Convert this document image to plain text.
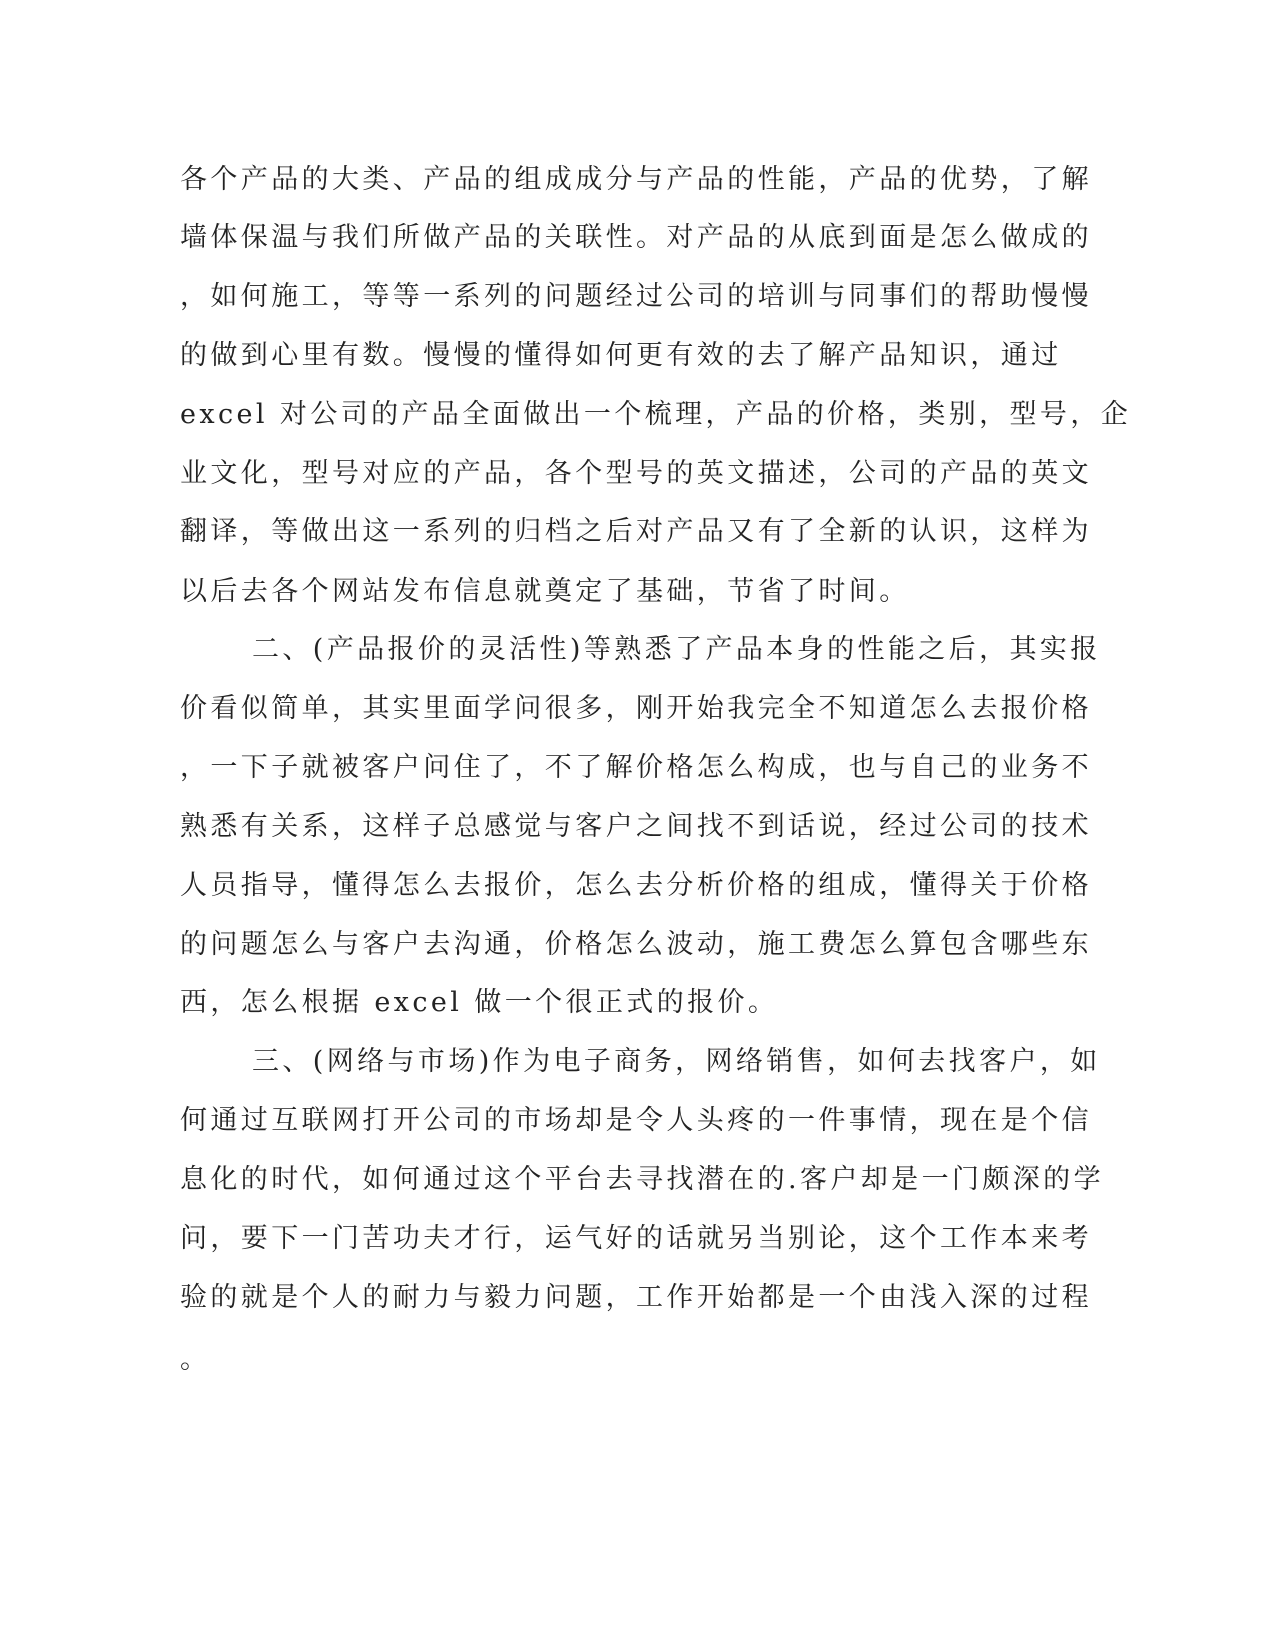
各个产品的大类、产品的组成成分与产品的性能，产品的优势，了解
墙体保温与我们所做产品的关联性。对产品的从底到面是怎么做成的
，如何施工，等等一系列的问题经过公司的培训与同事们的帮助慢慢
的做到心里有数。慢慢的懂得如何更有效的去了解产品知识，通过
excel 对公司的产品全面做出一个梳理，产品的价格，类别，型号，企
业文化，型号对应的产品，各个型号的英文描述，公司的产品的英文
翻译，等做出这一系列的归档之后对产品又有了全新的认识，这样为
以后去各个网站发布信息就奠定了基础，节省了时间。
二、(产品报价的灵活性)等熟悉了产品本身的性能之后，其实报
价看似简单，其实里面学问很多，刚开始我完全不知道怎么去报价格
，一下子就被客户问住了，不了解价格怎么构成，也与自己的业务不
熟悉有关系，这样子总感觉与客户之间找不到话说，经过公司的技术
人员指导，懂得怎么去报价，怎么去分析价格的组成，懂得关于价格
的问题怎么与客户去沟通，价格怎么波动，施工费怎么算包含哪些东
西，怎么根据 excel 做一个很正式的报价。
三、(网络与市场)作为电子商务，网络销售，如何去找客户，如
何通过互联网打开公司的市场却是令人头疼的一件事情，现在是个信
息化的时代，如何通过这个平台去寻找潜在的.客户却是一门颇深的学
问，要下一门苦功夫才行，运气好的话就另当别论，这个工作本来考
验的就是个人的耐力与毅力问题，工作开始都是一个由浅入深的过程
。
